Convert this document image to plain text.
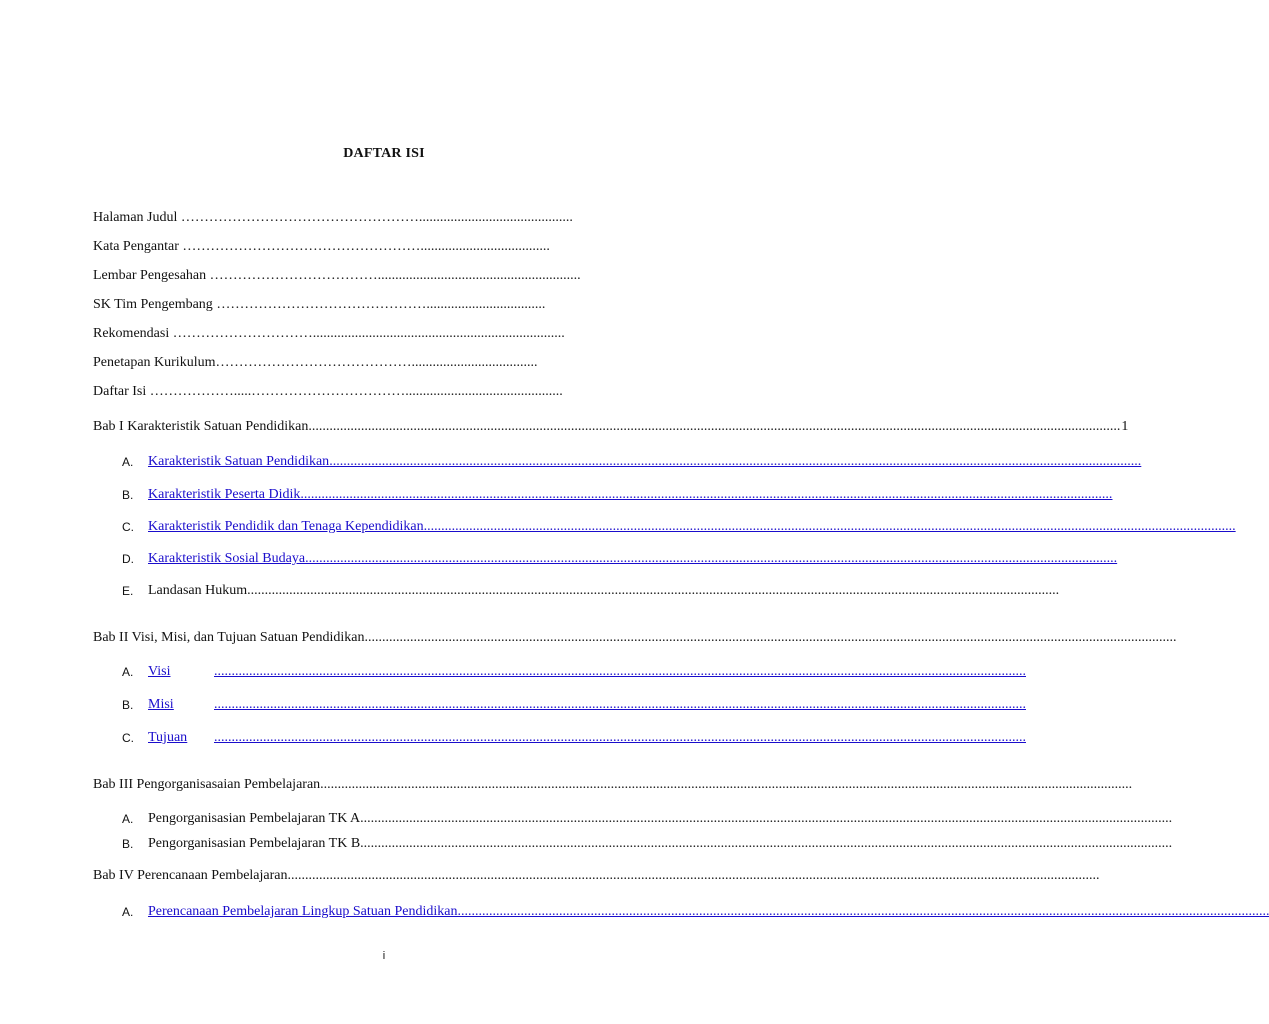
DAFTAR ISI
Halaman Judul ……………………………………………............................................
Kata Pengantar …………………………………………….....................................
Lembar Pengesahan ………………………………..........................................................
SK Tim Pengembang ………………………………………..................................
Rekomendasi …………………………........................................................................
Penetapan Kurikulum……………………………………....................................
Daftar Isi ……………….....…………………………….............................................
Bab I Karakteristik Satuan Pendidikan ........................................................................................................................................................................................................................................ 1
A.	Karakteristik Satuan Pendidikan ........................................................................................................................................................................................................................................
B.	Karakteristik Peserta Didik ........................................................................................................................................................................................................................................
C.	Karakteristik Pendidik dan Tenaga Kependidikan ........................................................................................................................................................................................................................................
D.	Karakteristik Sosial Budaya ........................................................................................................................................................................................................................................
E.	Landasan Hukum ........................................................................................................................................................................................................................................
Bab II Visi, Misi, dan Tujuan Satuan Pendidikan ........................................................................................................................................................................................................................................
A.	Visi	........................................................................................................................................................................................................................................
B.	Misi	........................................................................................................................................................................................................................................
C.	Tujuan	........................................................................................................................................................................................................................................
Bab III Pengorganisasaian Pembelajaran ........................................................................................................................................................................................................................................
A.	Pengorganisasian Pembelajaran TK A ........................................................................................................................................................................................................................................
B.	Pengorganisasian Pembelajaran TK B ........................................................................................................................................................................................................................................
Bab IV Perencanaan Pembelajaran ........................................................................................................................................................................................................................................
A.	Perencanaan Pembelajaran Lingkup Satuan Pendidikan ........................................................................................................................................................................................................................................
i
